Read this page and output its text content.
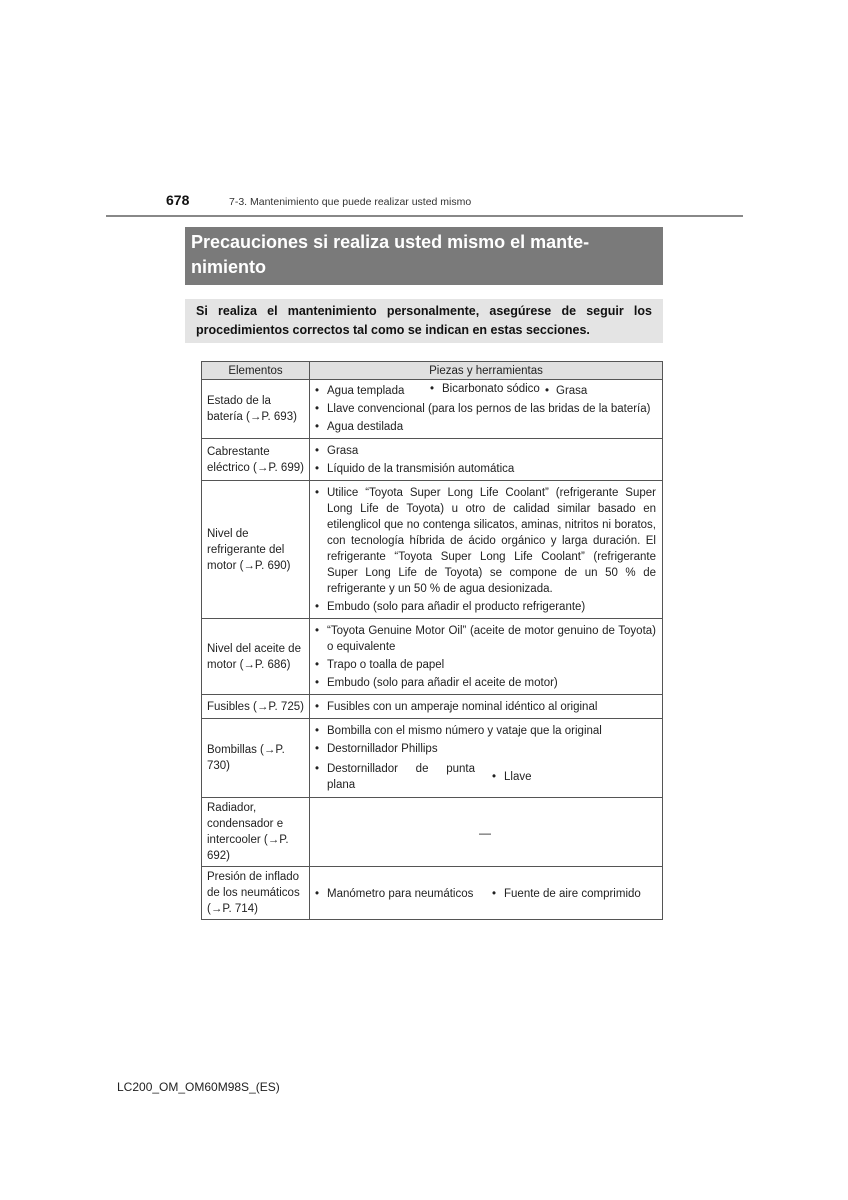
678	7-3. Mantenimiento que puede realizar usted mismo
Precauciones si realiza usted mismo el mante-
nimiento
Si realiza el mantenimiento personalmente, asegúrese de seguir los procedimientos correctos tal como se indican en estas secciones.
Elementos	Piezas y herramientas
Estado de la batería (→P. 693)	• Agua templada • Bicarbonato sódico • Grasa
• Llave convencional (para los pernos de las bridas de la batería)
• Agua destilada

Cabrestante eléctrico (→P. 699)	• Grasa
• Líquido de la transmisión automática

Nivel de refrigerante del motor (→P. 690)	• Utilice “Toyota Super Long Life Coolant” (refrigerante Super Long Life de Toyota) u otro de calidad similar basado en etilenglicol que no contenga silicatos, aminas, nitritos ni boratos, con tecnología híbrida de ácido orgánico y larga duración. El refrigerante “Toyota Super Long Life Coolant” (refrigerante Super Long Life de Toyota) se compone de un 50 % de refrigerante y un 50 % de agua desionizada.
• Embudo (solo para añadir el producto refrigerante)

Nivel del aceite de motor (→P. 686)	• “Toyota Genuine Motor Oil” (aceite de motor genuino de Toyota) o equivalente
• Trapo o toalla de papel
• Embudo (solo para añadir el aceite de motor)

Fusibles (→P. 725)	• Fusibles con un amperaje nominal idéntico al original

Bombillas (→P. 730)	• Bombilla con el mismo número y vataje que la original
• Destornillador Phillips
• Destornillador de punta plana
• Llave

Radiador, condensador e intercooler (→P. 692)	—
Presión de inflado de los neumáticos (→P. 714)	• Manómetro para neumáticos • Fuente de aire comprimido
LC200_OM_OM60M98S_(ES)
